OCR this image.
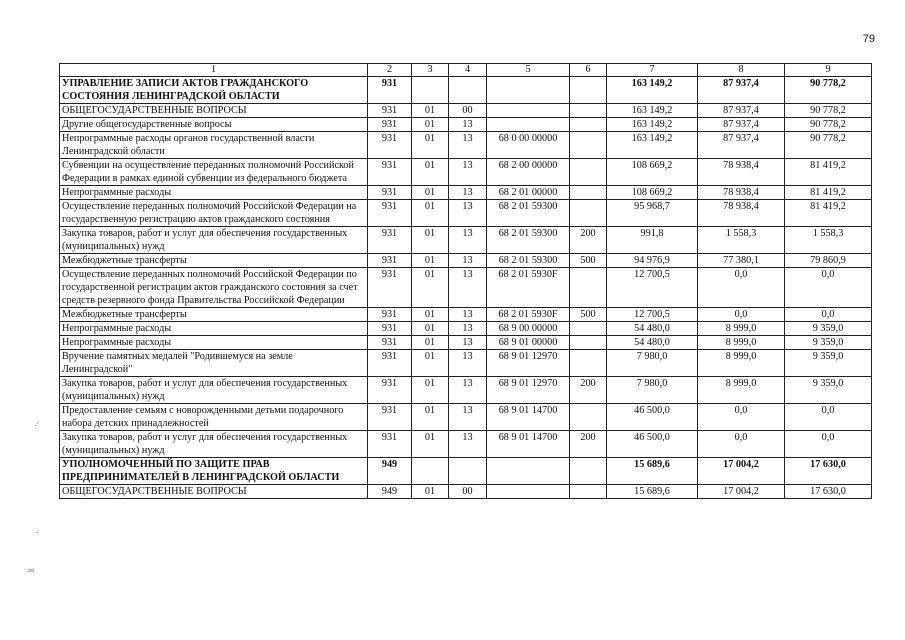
79
1	2	3	4	5	6	7	8	9
УПРАВЛЕНИЕ ЗАПИСИ АКТОВ ГРАЖДАНСКОГО СОСТОЯНИЯ ЛЕНИНГРАДСКОЙ ОБЛАСТИ	931					163 149,2	87 937,4	90 778,2
ОБЩЕГОСУДАРСТВЕННЫЕ ВОПРОСЫ	931	01	00			163 149,2	87 937,4	90 778,2
Другие общегосударственные вопросы	931	01	13			163 149,2	87 937,4	90 778,2
Непрограммные расходы органов государственной власти Ленинградской области	931	01	13	68 0 00 00000		163 149,2	87 937,4	90 778,2
Субвенции на осуществление переданных полномочий Российской Федерации в рамках единой субвенции из федерального бюджета	931	01	13	68 2 00 00000		108 669,2	78 938,4	81 419,2
Непрограммные расходы	931	01	13	68 2 01 00000		108 669,2	78 938,4	81 419,2
Осуществление переданных полномочий Российской Федерации на государственную регистрацию актов гражданского состояния	931	01	13	68 2 01 59300		95 968,7	78 938,4	81 419,2
Закупка товаров, работ и услуг для обеспечения государственных (муниципальных) нужд	931	01	13	68 2 01 59300	200	991,8	1 558,3	1 558,3
Межбюджетные трансферты	931	01	13	68 2 01 59300	500	94 976,9	77 380,1	79 860,9
Осуществление переданных полномочий Российской Федерации по государственной регистрации актов гражданского состояния за счет средств резервного фонда Правительства Российской Федерации	931	01	13	68 2 01 5930F		12 700,5	0,0	0,0
Межбюджетные трансферты	931	01	13	68 2 01 5930F	500	12 700,5	0,0	0,0
Непрограммные расходы	931	01	13	68 9 00 00000		54 480,0	8 999,0	9 359,0
Непрограммные расходы	931	01	13	68 9 01 00000		54 480,0	8 999,0	9 359,0
Вручение памятных медалей "Родившемуся на земле Ленинградской"	931	01	13	68 9 01 12970		7 980,0	8 999,0	9 359,0
Закупка товаров, работ и услуг для обеспечения государственных (муниципальных) нужд	931	01	13	68 9 01 12970	200	7 980,0	8 999,0	9 359,0
Предоставление семьям с новорожденными детьми подарочного набора детских принадлежностей	931	01	13	68 9 01 14700		46 500,0	0,0	0,0
Закупка товаров, работ и услуг для обеспечения государственных (муниципальных) нужд	931	01	13	68 9 01 14700	200	46 500,0	0,0	0,0
УПОЛНОМОЧЕННЫЙ ПО ЗАЩИТЕ ПРАВ ПРЕДПРИНИМАТЕЛЕЙ В ЛЕНИНГРАДСКОЙ ОБЛАСТИ	949					15 689,6	17 004,2	17 630,0
ОБЩЕГОСУДАРСТВЕННЫЕ ВОПРОСЫ	949	01	00			15 689,6	17 004,2	17 630,0
·′
·
∞
